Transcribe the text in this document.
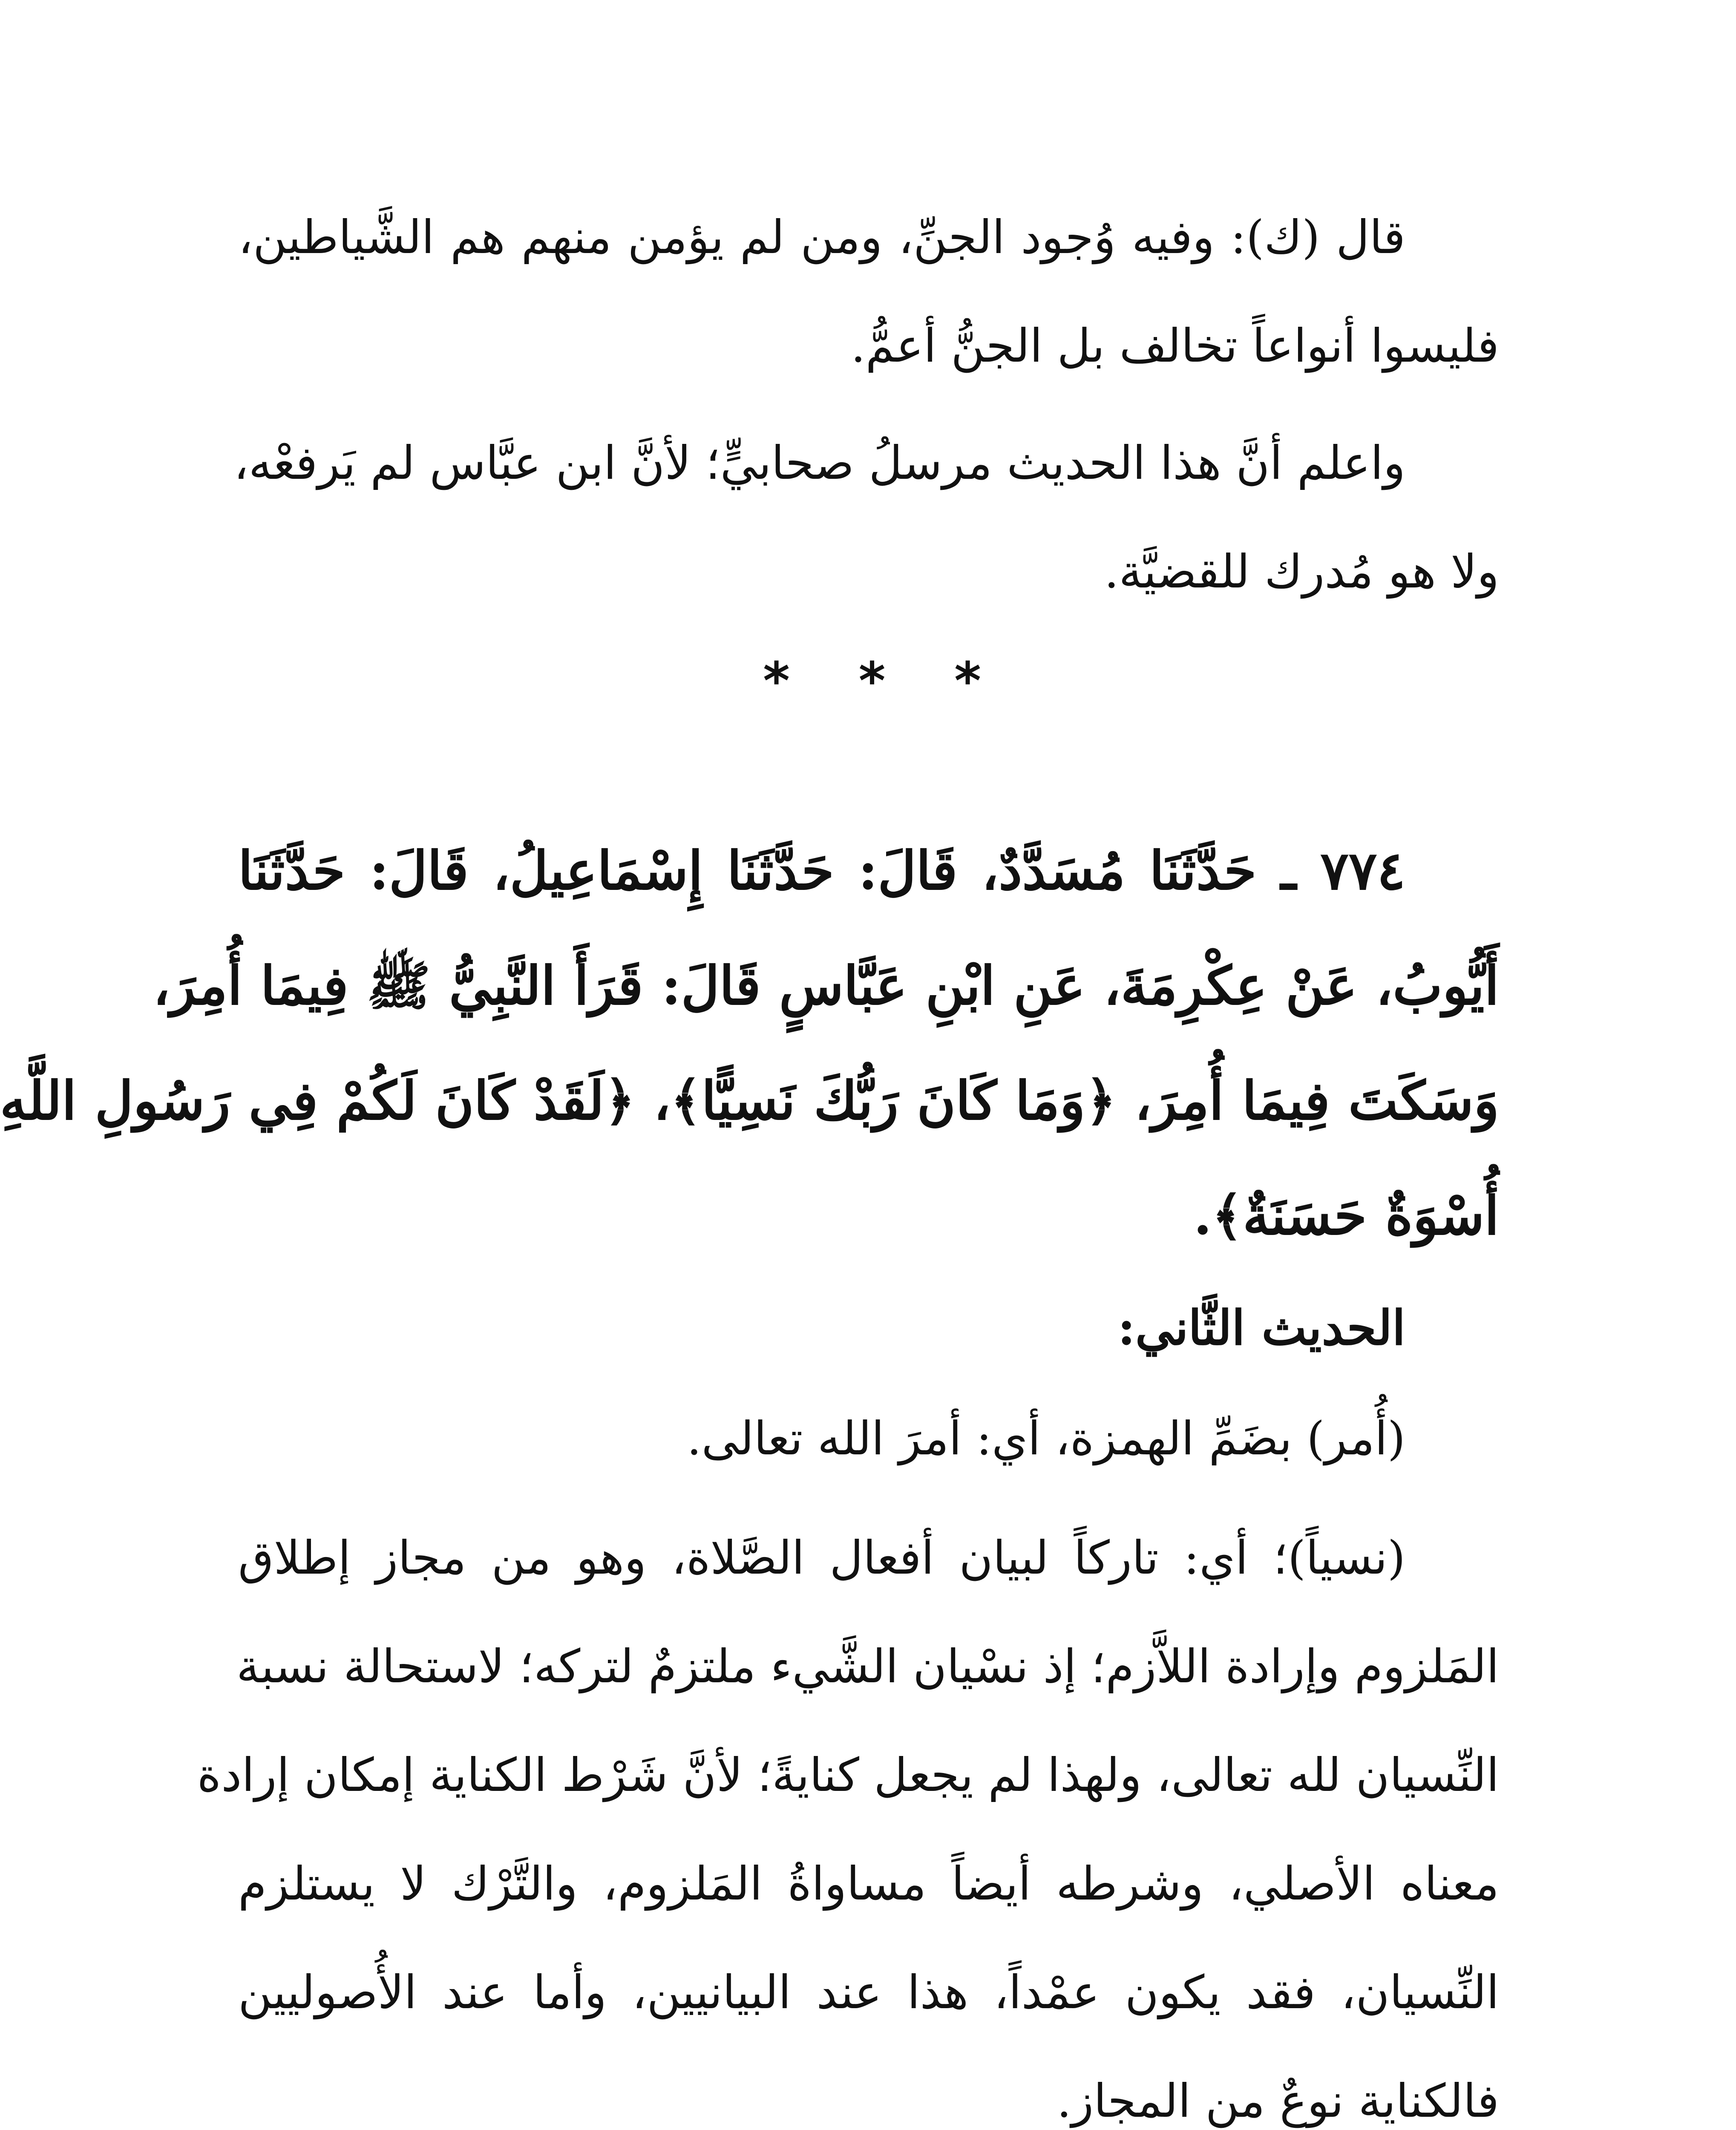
قال (ك): وفيه وُجود الجنِّ، ومن لم يؤمن منهم هم الشَّياطين،
فليسوا أنواعاً تخالف بل الجنُّ أعمُّ.
واعلم أنَّ هذا الحديث مرسلُ صحابيٍّ؛ لأنَّ ابن عبَّاس لم يَرفعْه،
ولا هو مُدرك للقضيَّة.
* * *
٧٧٤ ـ حَدَّثَنَا مُسَدَّدٌ، قَالَ: حَدَّثَنَا إِسْمَاعِيلُ، قَالَ: حَدَّثَنَا
أَيُّوبُ، عَنْ عِكْرِمَةَ، عَنِ ابْنِ عَبَّاسٍ قَالَ: قَرَأَ النَّبِيُّ ﷺ فِيمَا أُمِرَ،
وَسَكَتَ فِيمَا أُمِرَ، ﴿وَمَا كَانَ رَبُّكَ نَسِيًّا﴾، ﴿لَقَدْ كَانَ لَكُمْ فِي رَسُولِ اللَّهِ
أُسْوَةٌ حَسَنَةٌ﴾.
الحديث الثَّاني:
(أُمر) بضَمِّ الهمزة، أي: أمرَ الله تعالى.
(نسياً)؛ أي: تاركاً لبيان أفعال الصَّلاة، وهو من مجاز إطلاق
المَلزوم وإرادة اللاَّزم؛ إذ نسْيان الشَّيء ملتزمٌ لتركه؛ لاستحالة نسبة
النِّسيان لله تعالى، ولهذا لم يجعل كنايةً؛ لأنَّ شَرْط الكناية إمكان إرادة
معناه الأصلي، وشرطه أيضاً مساواةُ المَلزوم، والتَّرْك لا يستلزم
النِّسيان، فقد يكون عمْداً، هذا عند البيانيين، وأما عند الأُصوليين
فالكناية نوعٌ من المجاز.
